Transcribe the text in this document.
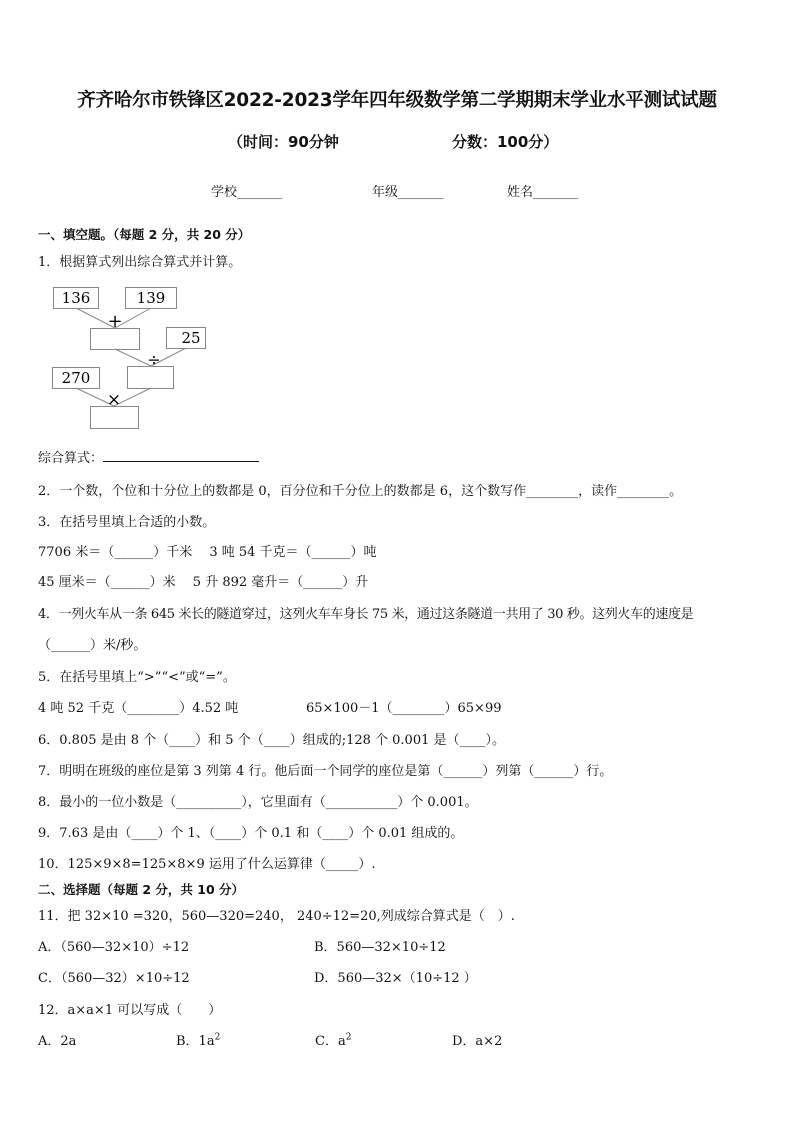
齐齐哈尔市铁锋区2022-2023学年四年级数学第二学期期末学业水平测试试题
（时间：90分钟	分数：100分）
学校_______	年级_______	姓名_______
一、填空题。（每题 2 分，共 20 分）
1．根据算式列出综合算式并计算。
136	139
+
25
÷
270
×
综合算式：
2．一个数，个位和十分位上的数都是 0，百分位和千分位上的数都是 6，这个数写作________，读作________。
3．在括号里填上合适的小数。
7706 米＝（______）千米　 3 吨 54 千克＝（______）吨
45 厘米＝（______）米　 5 升 892 毫升＝（______）升
4．一列火车从一条 645 米长的隧道穿过，这列火车车身长 75 米，通过这条隧道一共用了 30 秒。这列火车的速度是
（______）米/秒。
5．在括号里填上“>”“<”或“=”。
4 吨 52 千克（________）4.52 吨	65×100－1（________）65×99
6．0.805 是由 8 个（____）和 5 个（____）组成的;128 个 0.001 是（____）。
7．明明在班级的座位是第 3 列第 4 行。他后面一个同学的座位是第（______）列第（______）行。
8．最小的一位小数是（__________），它里面有（___________）个 0.001。
9．7.63 是由（____）个 1、（____）个 0.1 和（____）个 0.01 组成的。
10．125×9×8=125×8×9 运用了什么运算律（_____）.
二、选择题（每题 2 分，共 10 分）
11．把 32×10 =320，560—320=240， 240÷12=20,列成综合算式是（　）.
A．（560—32×10）÷12	B．560—32×10÷12
C．（560—32）×10÷12	D．560—32×（10÷12 ）
12．a×a×1 可以写成（　　）
A．2a	B．$1a^2$	C．$a^2$	D．a×2
